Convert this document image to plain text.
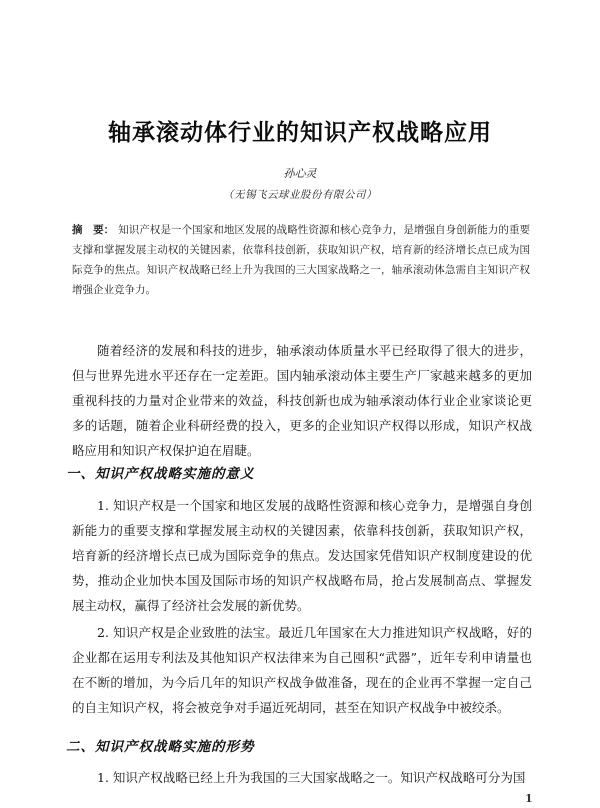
轴承滚动体行业的知识产权战略应用
孙心灵
（无锡飞云球业股份有限公司）
摘　要： 知识产权是一个国家和地区发展的战略性资源和核心竞争力，是增强自身创新能力的重要支撑和掌握发展主动权的关键因素，依靠科技创新，获取知识产权，培育新的经济增长点已成为国际竞争的焦点。知识产权战略已经上升为我国的三大国家战略之一，轴承滚动体急需自主知识产权增强企业竞争力。
随着经济的发展和科技的进步，轴承滚动体质量水平已经取得了很大的进步，但与世界先进水平还存在一定差距。国内轴承滚动体主要生产厂家越来越多的更加重视科技的力量对企业带来的效益，科技创新也成为轴承滚动体行业企业家谈论更多的话题，随着企业科研经费的投入，更多的企业知识产权得以形成，知识产权战略应用和知识产权保护迫在眉睫。
一、知识产权战略实施的意义
1. 知识产权是一个国家和地区发展的战略性资源和核心竞争力，是增强自身创新能力的重要支撑和掌握发展主动权的关键因素，依靠科技创新，获取知识产权，培育新的经济增长点已成为国际竞争的焦点。发达国家凭借知识产权制度建设的优势，推动企业加快本国及国际市场的知识产权战略布局，抢占发展制高点、掌握发展主动权，赢得了经济社会发展的新优势。
2. 知识产权是企业致胜的法宝。最近几年国家在大力推进知识产权战略，好的企业都在运用专利法及其他知识产权法律来为自己囤积“武器”，近年专利申请量也在不断的增加，为今后几年的知识产权战争做准备，现在的企业再不掌握一定自己的自主知识产权，将会被竞争对手逼近死胡同，甚至在知识产权战争中被绞杀。
二、知识产权战略实施的形势
1. 知识产权战略已经上升为我国的三大国家战略之一。知识产权战略可分为国
1
